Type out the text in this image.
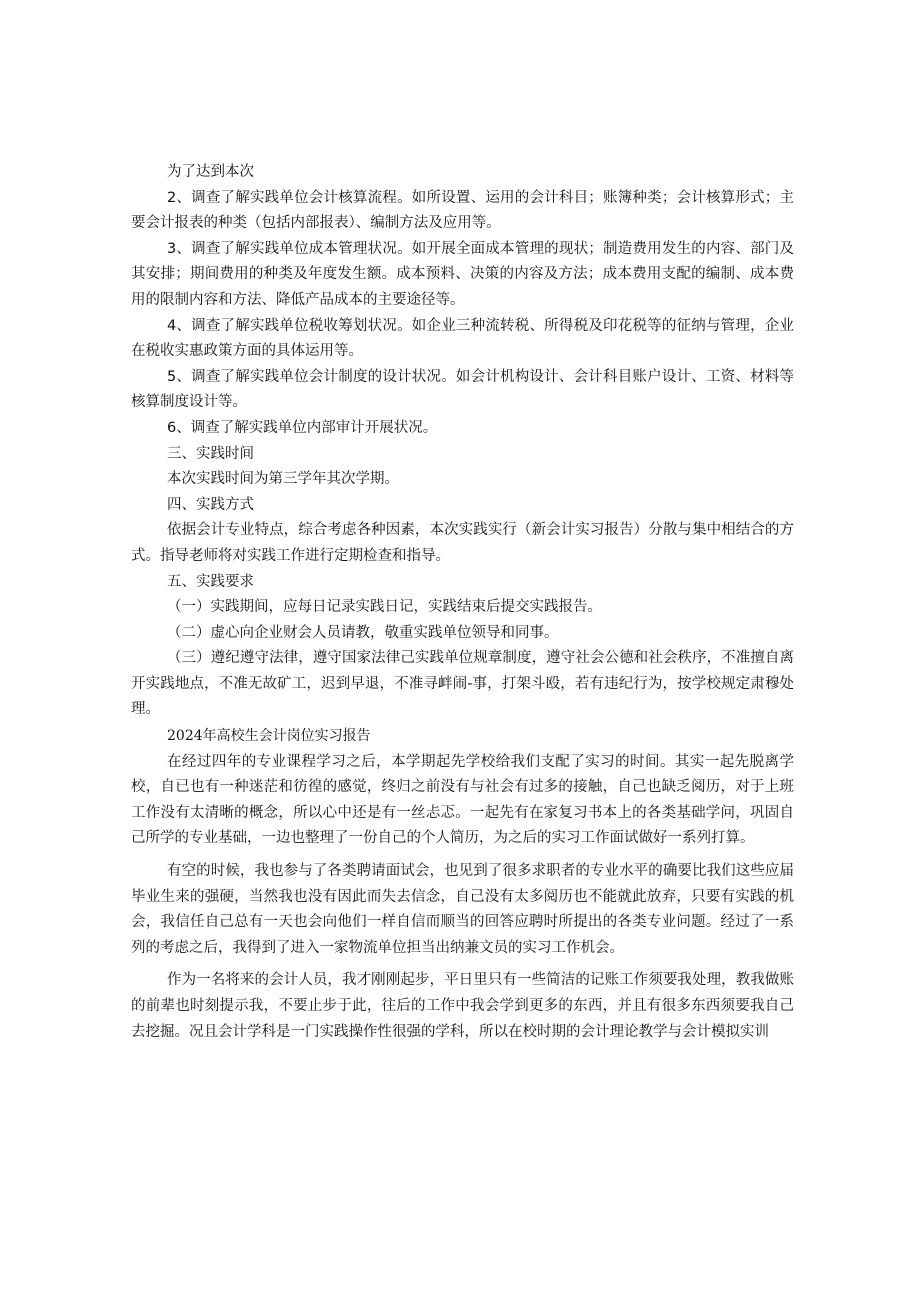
为了达到本次

2、调查了解实践单位会计核算流程。如所设置、运用的会计科目；账簿种类；会计核算形式；主要会计报表的种类（包括内部报表）、编制方法及应用等。

3、调查了解实践单位成本管理状况。如开展全面成本管理的现状；制造费用发生的内容、部门及其安排；期间费用的种类及年度发生额。成本预料、决策的内容及方法；成本费用支配的编制、成本费用的限制内容和方法、降低产品成本的主要途径等。

4、调查了解实践单位税收筹划状况。如企业三种流转税、所得税及印花税等的征纳与管理，企业在税收实惠政策方面的具体运用等。

5、调查了解实践单位会计制度的设计状况。如会计机构设计、会计科目账户设计、工资、材料等核算制度设计等。

6、调查了解实践单位内部审计开展状况。

三、实践时间

本次实践时间为第三学年其次学期。

四、实践方式

依据会计专业特点，综合考虑各种因素，本次实践实行（新会计实习报告）分散与集中相结合的方式。指导老师将对实践工作进行定期检查和指导。

五、实践要求

（一）实践期间，应每日记录实践日记，实践结束后提交实践报告。

（二）虚心向企业财会人员请教，敬重实践单位领导和同事。

（三）遵纪遵守法律，遵守国家法律己实践单位规章制度，遵守社会公德和社会秩序，不准擅自离开实践地点，不准无故矿工，迟到早退，不准寻衅闹-事，打架斗殴，若有违纪行为，按学校规定肃穆处理。

2024年高校生会计岗位实习报告

在经过四年的专业课程学习之后，本学期起先学校给我们支配了实习的时间。其实一起先脱离学校，自已也有一种迷茫和彷徨的感觉，终归之前没有与社会有过多的接触，自己也缺乏阅历，对于上班工作没有太清晰的概念，所以心中还是有一丝忐忑。一起先有在家复习书本上的各类基础学问，巩固自己所学的专业基础，一边也整理了一份自己的个人简历，为之后的实习工作面试做好一系列打算。

有空的时候，我也参与了各类聘请面试会，也见到了很多求职者的专业水平的确要比我们这些应届毕业生来的强硬，当然我也没有因此而失去信念，自己没有太多阅历也不能就此放弃，只要有实践的机会，我信任自己总有一天也会向他们一样自信而顺当的回答应聘时所提出的各类专业问题。经过了一系列的考虑之后，我得到了进入一家物流单位担当出纳兼文员的实习工作机会。

作为一名将来的会计人员，我才刚刚起步，平日里只有一些简洁的记账工作须要我处理，教我做账的前辈也时刻提示我，不要止步于此，往后的工作中我会学到更多的东西，并且有很多东西须要我自己去挖掘。况且会计学科是一门实践操作性很强的学科，所以在校时期的会计理论教学与会计模拟实训
